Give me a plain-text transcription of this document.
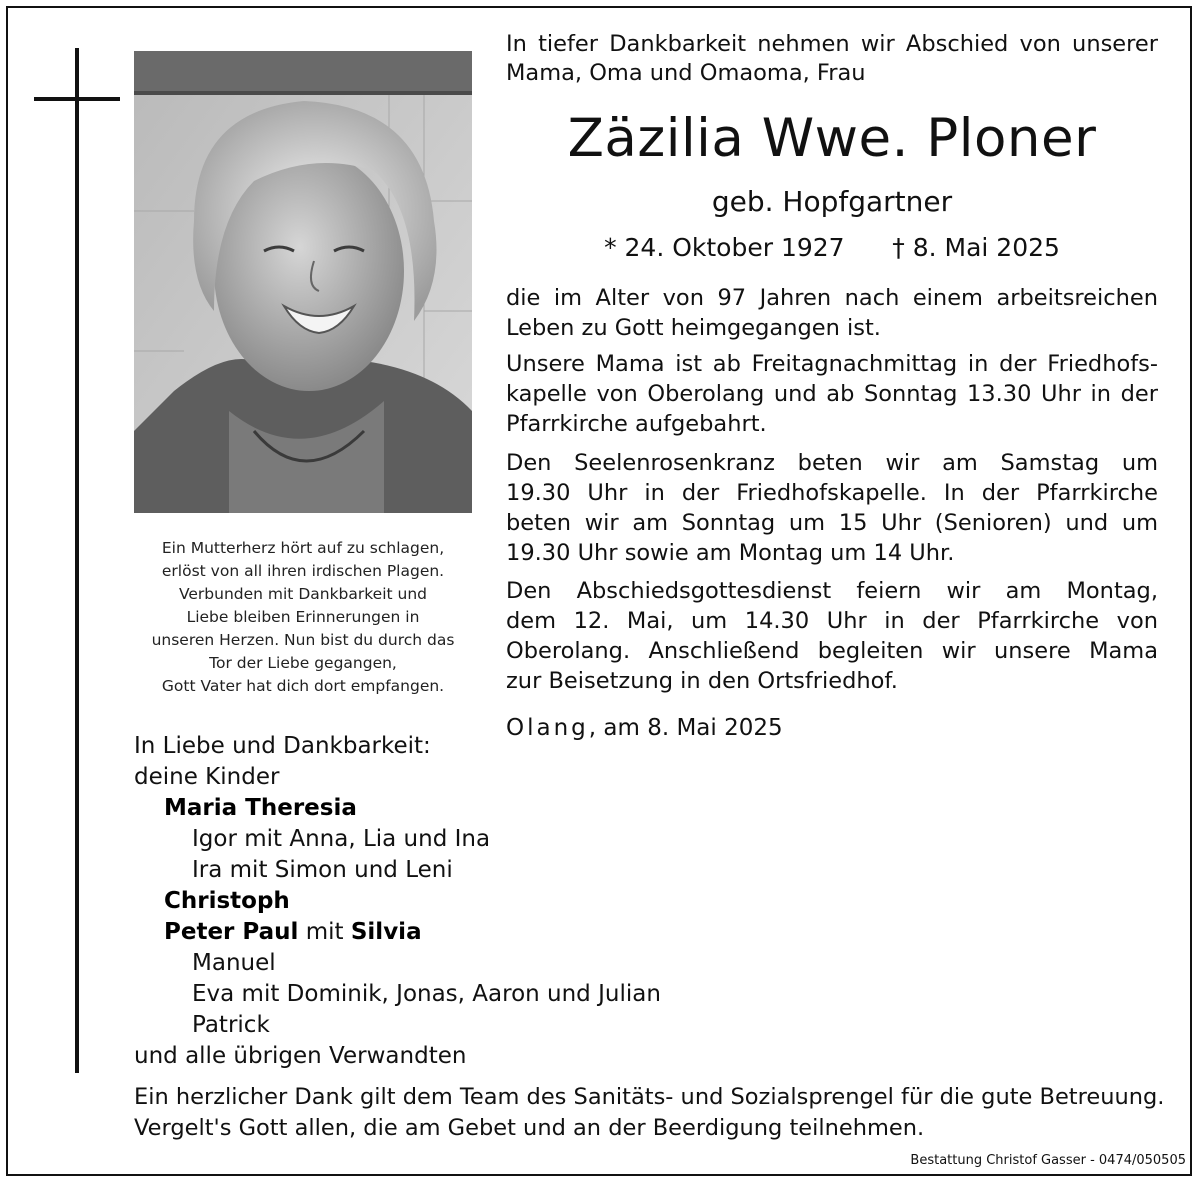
Ein Mutterherz hört auf zu schlagen,
erlöst von all ihren irdischen Plagen.
Verbunden mit Dankbarkeit und
Liebe bleiben Erinnerungen in
unseren Herzen. Nun bist du durch das
Tor der Liebe gegangen,
Gott Vater hat dich dort empfangen.
In tiefer Dankbarkeit nehmen wir Abschied von unserer
Mama, Oma und Omaoma, Frau
Zäzilia Wwe. Ploner
geb. Hopfgartner
* 24. Oktober 1927 † 8. Mai 2025
die im Alter von 97 Jahren nach einem arbeitsreichen
Leben zu Gott heimgegangen ist.
Unsere Mama ist ab Freitagnachmittag in der Friedhofs-
kapelle von Oberolang und ab Sonntag 13.30 Uhr in der
Pfarrkirche aufgebahrt.
Den Seelenrosenkranz beten wir am Samstag um
19.30 Uhr in der Friedhofskapelle. In der Pfarrkirche
beten wir am Sonntag um 15 Uhr (Senioren) und um
19.30 Uhr sowie am Montag um 14 Uhr.
Den Abschiedsgottesdienst feiern wir am Montag,
dem 12. Mai, um 14.30 Uhr in der Pfarrkirche von
Oberolang. Anschließend begleiten wir unsere Mama
zur Beisetzung in den Ortsfriedhof.
Olang, am 8. Mai 2025
In Liebe und Dankbarkeit:
deine Kinder
Maria Theresia
Igor mit Anna, Lia und Ina
Ira mit Simon und Leni
Christoph
Peter Paul mit Silvia
Manuel
Eva mit Dominik, Jonas, Aaron und Julian
Patrick
und alle übrigen Verwandten
Ein herzlicher Dank gilt dem Team des Sanitäts- und Sozialsprengel für die gute Betreuung.
Vergelt's Gott allen, die am Gebet und an der Beerdigung teilnehmen.
Bestattung Christof Gasser - 0474/050505
